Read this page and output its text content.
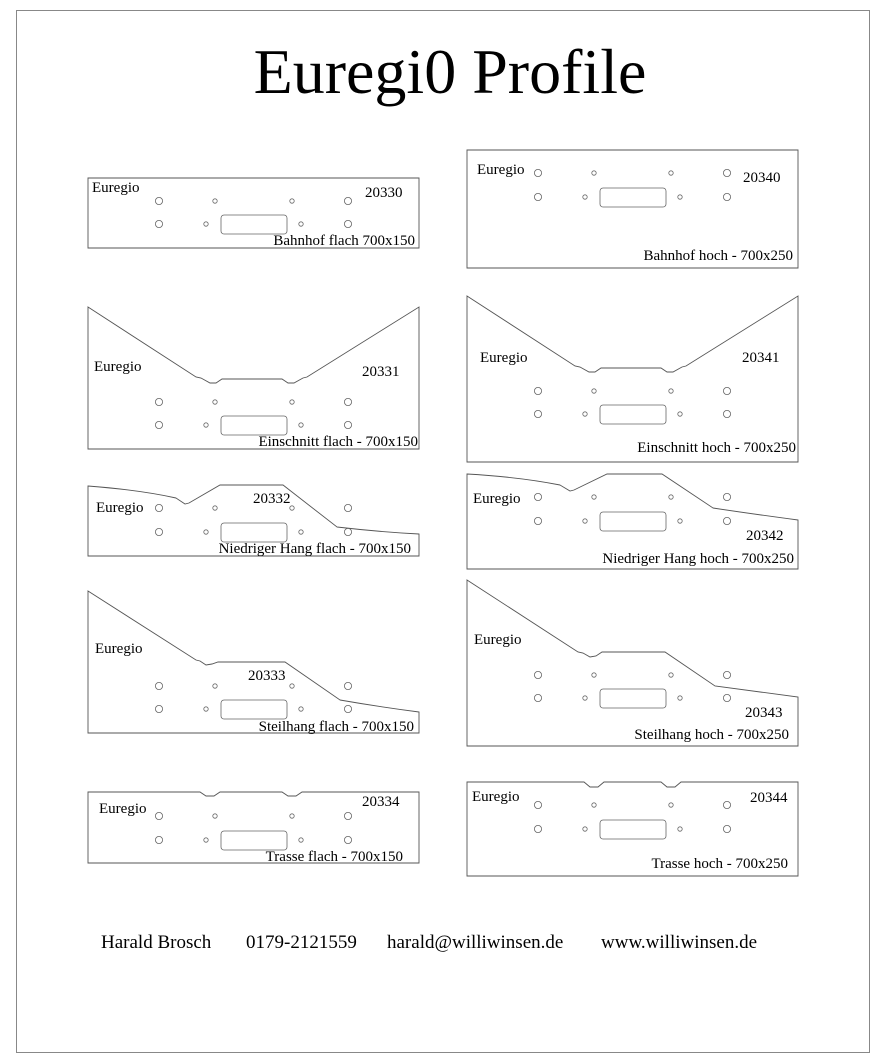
Euregi0 Profile
Euregio	20330
Bahnhof flach 700x150
Euregio	20340
Bahnhof hoch - 700x250
Euregio	20331
Einschnitt flach - 700x150
Euregio	20341
Einschnitt hoch - 700x250
Euregio
20332
Niedriger Hang flach - 700x150
Euregio
20342
Niedriger Hang hoch - 700x250
Euregio
20333
Steilhang flach - 700x150
Euregio
20343
Steilhang hoch - 700x250
Euregio	20334
Trasse flach - 700x150
Euregio	20344
Trasse hoch - 700x250
Harald Brosch 0179-2121559 harald@williwinsen.de www.williwinsen.de
